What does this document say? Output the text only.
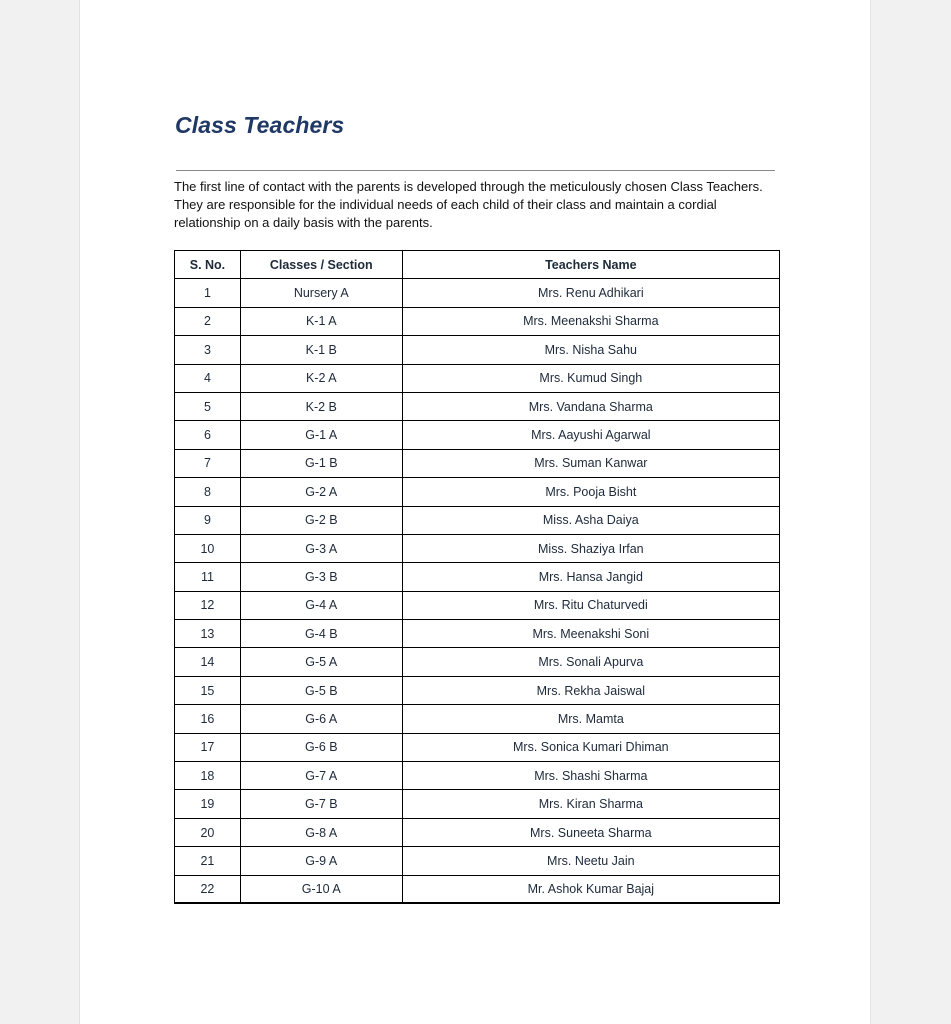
Class Teachers

The first line of contact with the parents is developed through the meticulously chosen Class Teachers. They are responsible for the individual needs of each child of their class and maintain a cordial relationship on a daily basis with the parents.

S. No.	Classes / Section	Teachers Name
1	Nursery A	Mrs. Renu Adhikari
2	K-1 A	Mrs. Meenakshi Sharma
3	K-1 B	Mrs. Nisha Sahu
4	K-2 A	Mrs. Kumud Singh
5	K-2 B	Mrs. Vandana Sharma
6	G-1 A	Mrs. Aayushi Agarwal
7	G-1 B	Mrs. Suman Kanwar
8	G-2 A	Mrs. Pooja Bisht
9	G-2 B	Miss. Asha Daiya
10	G-3 A	Miss. Shaziya Irfan
11	G-3 B	Mrs. Hansa Jangid
12	G-4 A	Mrs. Ritu Chaturvedi
13	G-4 B	Mrs. Meenakshi Soni
14	G-5 A	Mrs. Sonali Apurva
15	G-5 B	Mrs. Rekha Jaiswal
16	G-6 A	Mrs. Mamta
17	G-6 B	Mrs. Sonica Kumari Dhiman
18	G-7 A	Mrs. Shashi Sharma
19	G-7 B	Mrs. Kiran Sharma
20	G-8 A	Mrs. Suneeta Sharma
21	G-9 A	Mrs. Neetu Jain
22	G-10 A	Mr. Ashok Kumar Bajaj
